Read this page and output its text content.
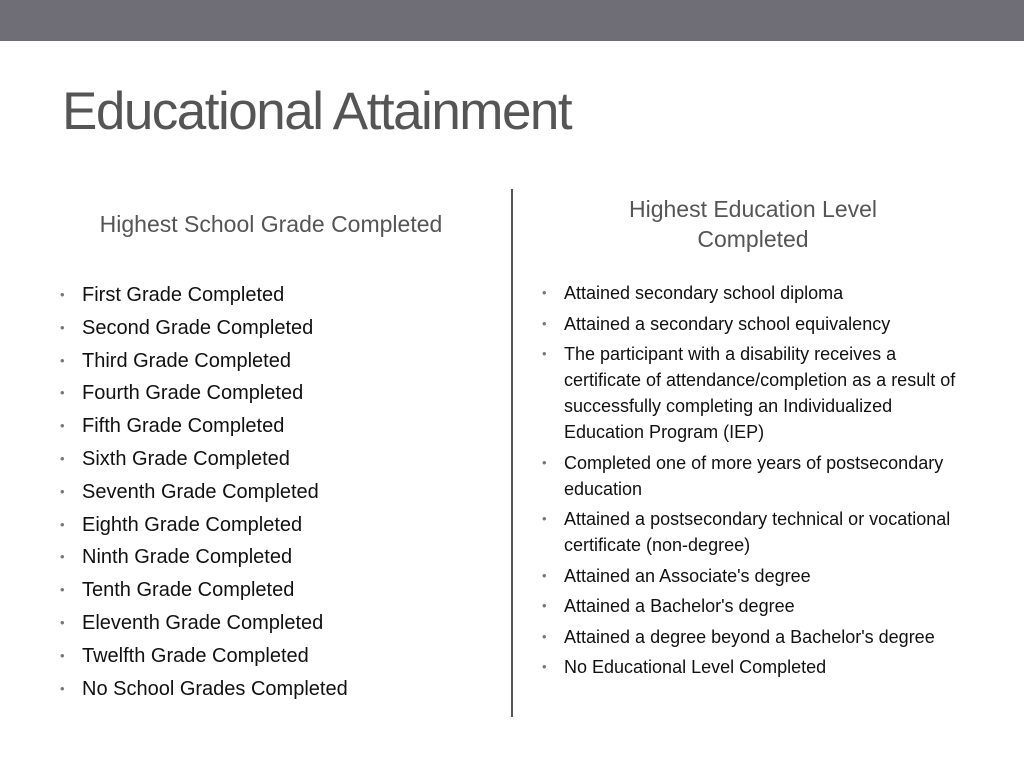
Educational Attainment
Highest School Grade Completed
Highest Education Level
Completed
• First Grade Completed
• Second Grade Completed
• Third Grade Completed
• Fourth Grade Completed
• Fifth Grade Completed
• Sixth Grade Completed
• Seventh Grade Completed
• Eighth Grade Completed
• Ninth Grade Completed
• Tenth Grade Completed
• Eleventh Grade Completed
• Twelfth Grade Completed
• No School Grades Completed
• Attained secondary school diploma
• Attained a secondary school equivalency
• The participant with a disability receives a certificate of attendance/completion as a result of successfully completing an Individualized Education Program (IEP)
• Completed one of more years of postsecondary education
• Attained a postsecondary technical or vocational certificate (non-degree)
• Attained an Associate's degree
• Attained a Bachelor's degree
• Attained a degree beyond a Bachelor's degree
• No Educational Level Completed
